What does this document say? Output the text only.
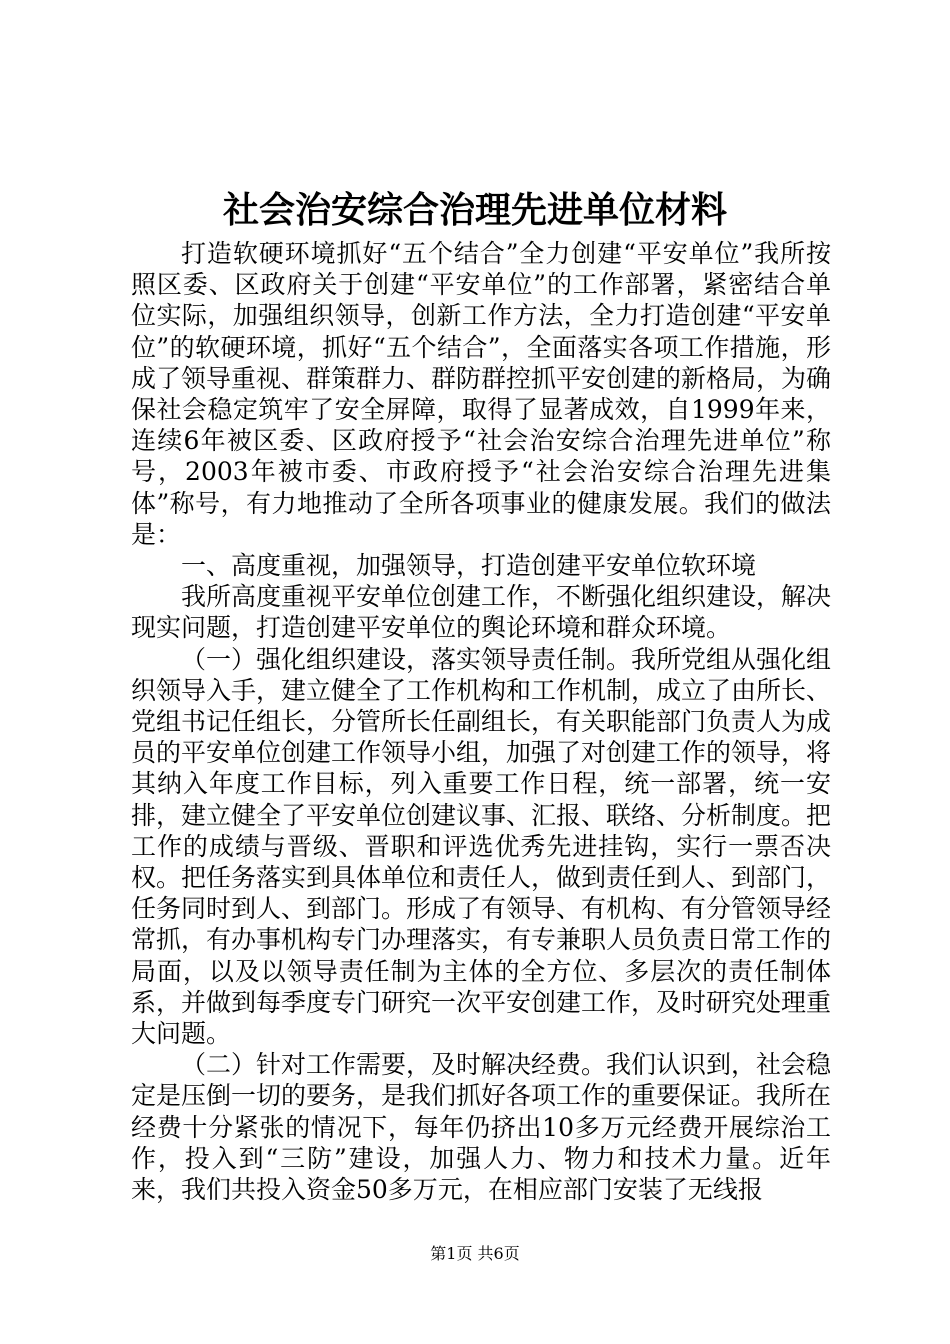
社会治安综合治理先进单位材料

打造软硬环境抓好“五个结合”全力创建“平安单位”我所按照区委、区政府关于创建“平安单位”的工作部署，紧密结合单位实际，加强组织领导，创新工作方法，全力打造创建“平安单位”的软硬环境，抓好“五个结合”，全面落实各项工作措施，形成了领导重视、群策群力、群防群控抓平安创建的新格局，为确保社会稳定筑牢了安全屏障，取得了显著成效，自1999年来，连续6年被区委、区政府授予“社会治安综合治理先进单位”称号，2003年被市委、市政府授予“社会治安综合治理先进集体”称号，有力地推动了全所各项事业的健康发展。我们的做法是：

一、高度重视，加强领导，打造创建平安单位软环境

我所高度重视平安单位创建工作，不断强化组织建设，解决现实问题，打造创建平安单位的舆论环境和群众环境。

（一）强化组织建设，落实领导责任制。我所党组从强化组织领导入手，建立健全了工作机构和工作机制，成立了由所长、党组书记任组长，分管所长任副组长，有关职能部门负责人为成员的平安单位创建工作领导小组，加强了对创建工作的领导，将其纳入年度工作目标，列入重要工作日程，统一部署，统一安排，建立健全了平安单位创建议事、汇报、联络、分析制度。把工作的成绩与晋级、晋职和评选优秀先进挂钩，实行一票否决权。把任务落实到具体单位和责任人，做到责任到人、到部门，任务同时到人、到部门。形成了有领导、有机构、有分管领导经常抓，有办事机构专门办理落实，有专兼职人员负责日常工作的局面，以及以领导责任制为主体的全方位、多层次的责任制体系，并做到每季度专门研究一次平安创建工作，及时研究处理重大问题。

（二）针对工作需要，及时解决经费。我们认识到，社会稳定是压倒一切的要务，是我们抓好各项工作的重要保证。我所在经费十分紧张的情况下，每年仍挤出10多万元经费开展综治工作，投入到“三防”建设，加强人力、物力和技术力量。近年来，我们共投入资金50多万元，在相应部门安装了无线报

第1页 共6页
